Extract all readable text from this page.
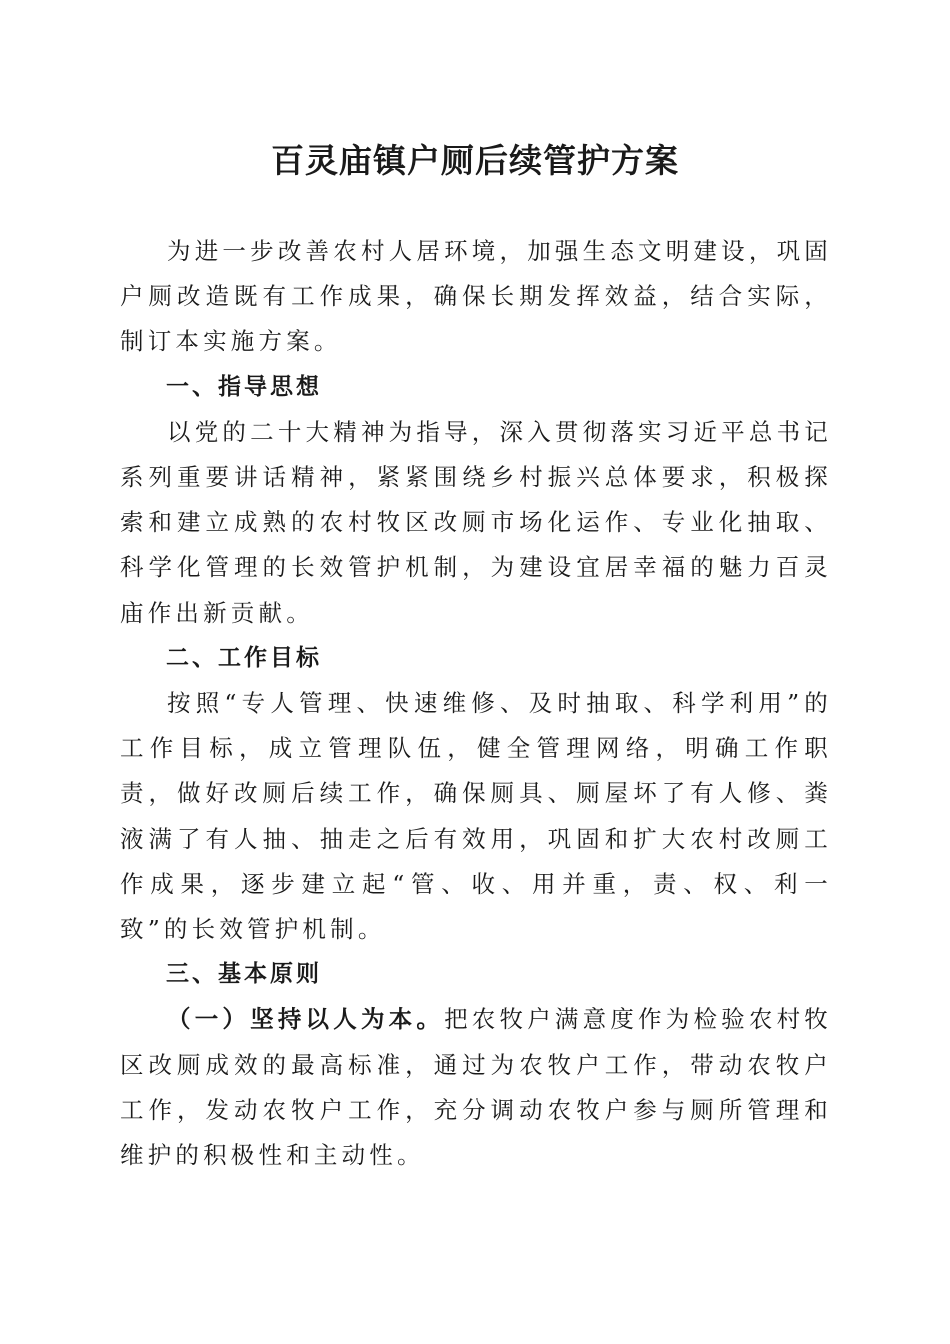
百灵庙镇户厕后续管护方案

为进一步改善农村人居环境，加强生态文明建设，巩固户厕改造既有工作成果，确保长期发挥效益，结合实际，制订本实施方案。

一、指导思想

以党的二十大精神为指导，深入贯彻落实习近平总书记系列重要讲话精神，紧紧围绕乡村振兴总体要求，积极探索和建立成熟的农村牧区改厕市场化运作、专业化抽取、科学化管理的长效管护机制，为建设宜居幸福的魅力百灵庙作出新贡献。

二、工作目标

按照“专人管理、快速维修、及时抽取、科学利用”的工作目标，成立管理队伍，健全管理网络，明确工作职责，做好改厕后续工作，确保厕具、厕屋坏了有人修、粪液满了有人抽、抽走之后有效用，巩固和扩大农村改厕工作成果，逐步建立起“管、收、用并重，责、权、利一致”的长效管护机制。

三、基本原则

（一）坚持以人为本。把农牧户满意度作为检验农村牧区改厕成效的最高标准，通过为农牧户工作，带动农牧户工作，发动农牧户工作，充分调动农牧户参与厕所管理和维护的积极性和主动性。
